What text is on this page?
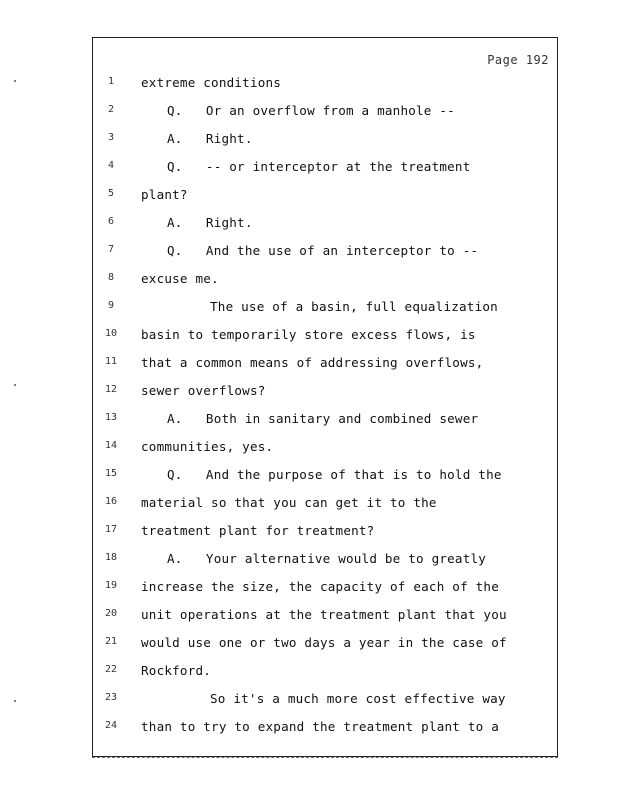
Page 192
1	extreme conditions
2	Q.   Or an overflow from a manhole --
3	A.   Right.
4	Q.   -- or interceptor at the treatment
5	plant?
6	A.   Right.
7	Q.   And the use of an interceptor to --
8	excuse me.
9	The use of a basin, full equalization
10	basin to temporarily store excess flows, is
11	that a common means of addressing overflows,
12	sewer overflows?
13	A.   Both in sanitary and combined sewer
14	communities, yes.
15	Q.   And the purpose of that is to hold the
16	material so that you can get it to the
17	treatment plant for treatment?
18	A.   Your alternative would be to greatly
19	increase the size, the capacity of each of the
20	unit operations at the treatment plant that you
21	would use one or two days a year in the case of
22	Rockford.
23	So it's a much more cost effective way
24	than to try to expand the treatment plant to a
